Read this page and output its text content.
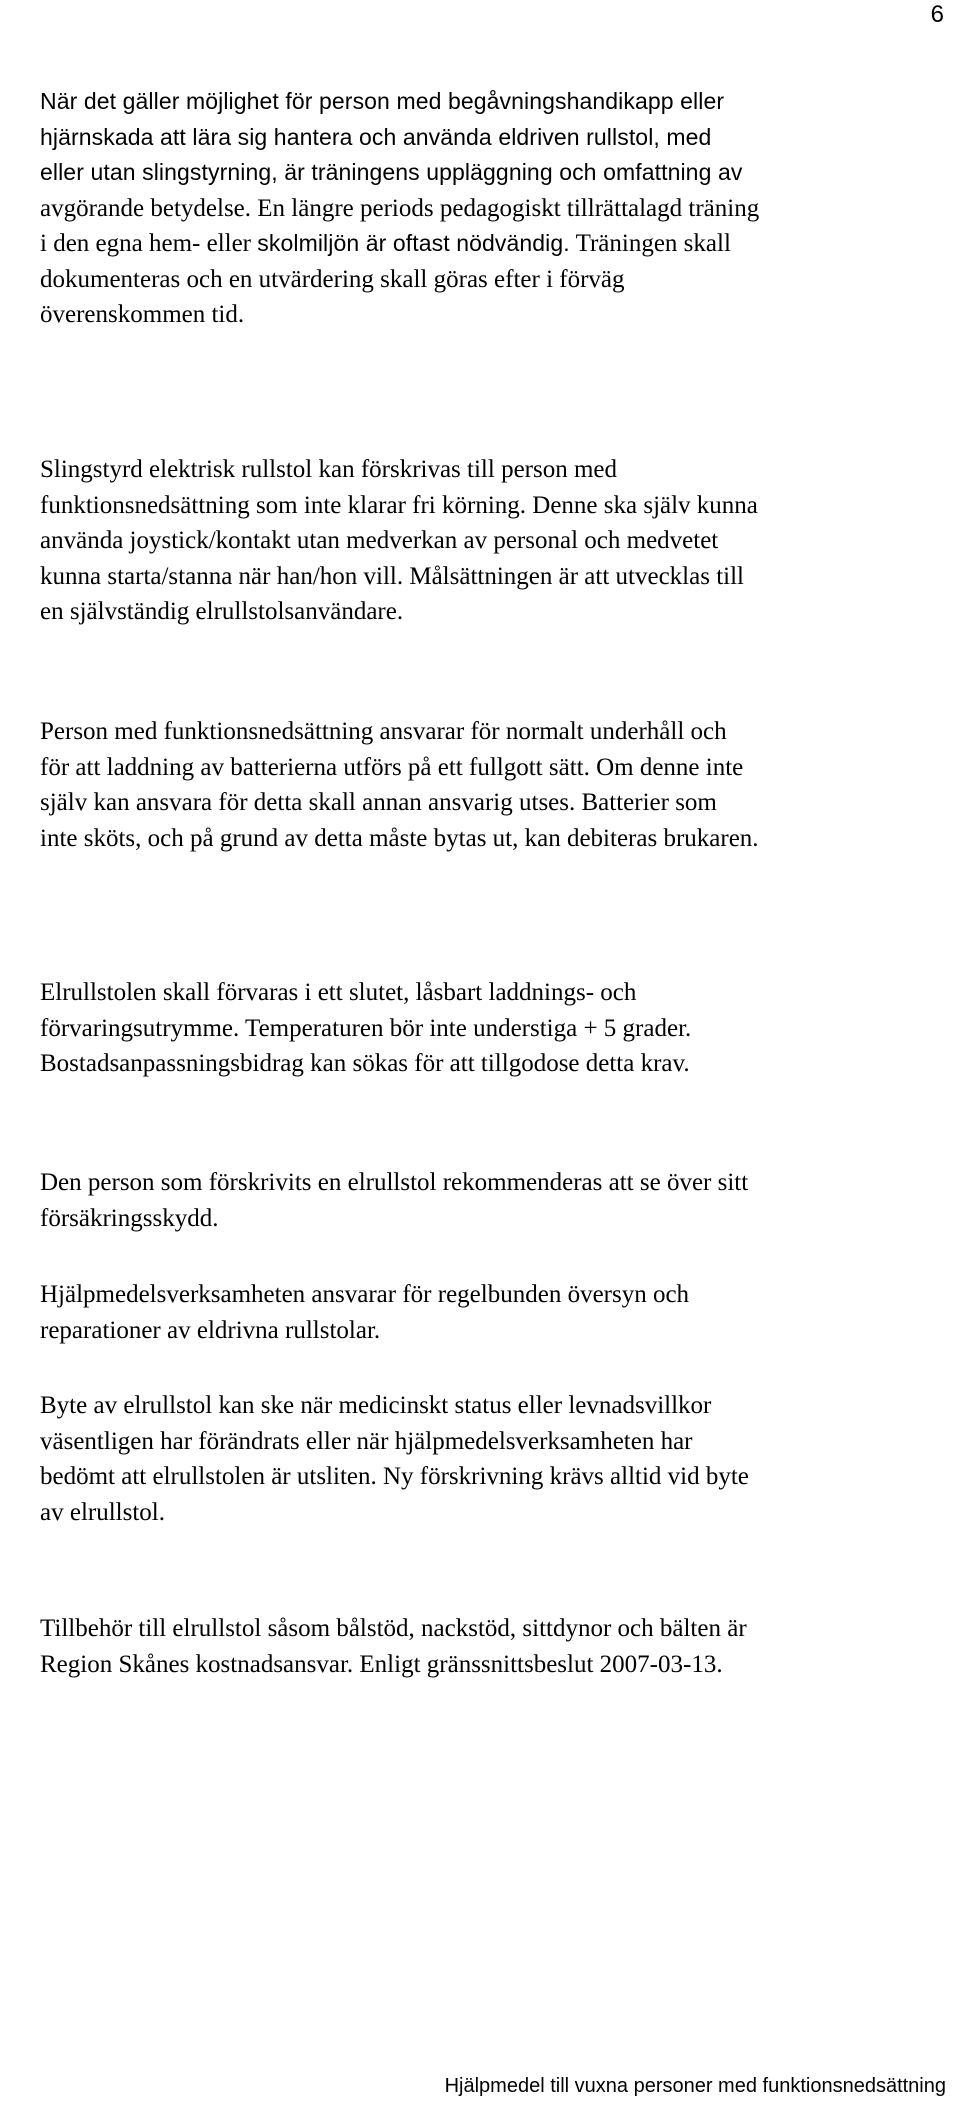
6

När det gäller möjlighet för person med begåvningshandikapp eller hjärnskada att lära sig hantera och använda eldriven rullstol, med eller utan slingstyrning, är träningens uppläggning och omfattning av avgörande betydelse. En längre periods pedagogiskt tillrättalagd träning i den egna hem- eller skolmiljön är oftast nödvändig. Träningen skall dokumenteras och en utvärdering skall göras efter i förväg överenskommen tid.

Slingstyrd elektrisk rullstol kan förskrivas till person med funktionsnedsättning som inte klarar fri körning. Denne ska själv kunna använda joystick/kontakt utan medverkan av personal och medvetet kunna starta/stanna när han/hon vill. Målsättningen är att utvecklas till en självständig elrullstolsanvändare.

Person med funktionsnedsättning ansvarar för normalt underhåll och för att laddning av batterierna utförs på ett fullgott sätt. Om denne inte själv kan ansvara för detta skall annan ansvarig utses. Batterier som inte sköts, och på grund av detta måste bytas ut, kan debiteras brukaren.

Elrullstolen skall förvaras i ett slutet, låsbart laddnings- och förvaringsutrymme. Temperaturen bör inte understiga + 5 grader. Bostadsanpassningsbidrag kan sökas för att tillgodose detta krav.

Den person som förskrivits en elrullstol rekommenderas att se över sitt försäkringsskydd.

Hjälpmedelsverksamheten ansvarar för regelbunden översyn och reparationer av eldrivna rullstolar.

Byte av elrullstol kan ske när medicinskt status eller levnadsvillkor väsentligen har förändrats eller när hjälpmedelsverksamheten har bedömt att elrullstolen är utsliten. Ny förskrivning krävs alltid vid byte av elrullstol.

Tillbehör till elrullstol såsom bålstöd, nackstöd, sittdynor och bälten är Region Skånes kostnadsansvar. Enligt gränssnittsbeslut 2007-03-13.

Hjälpmedel till vuxna personer med funktionsnedsättning
